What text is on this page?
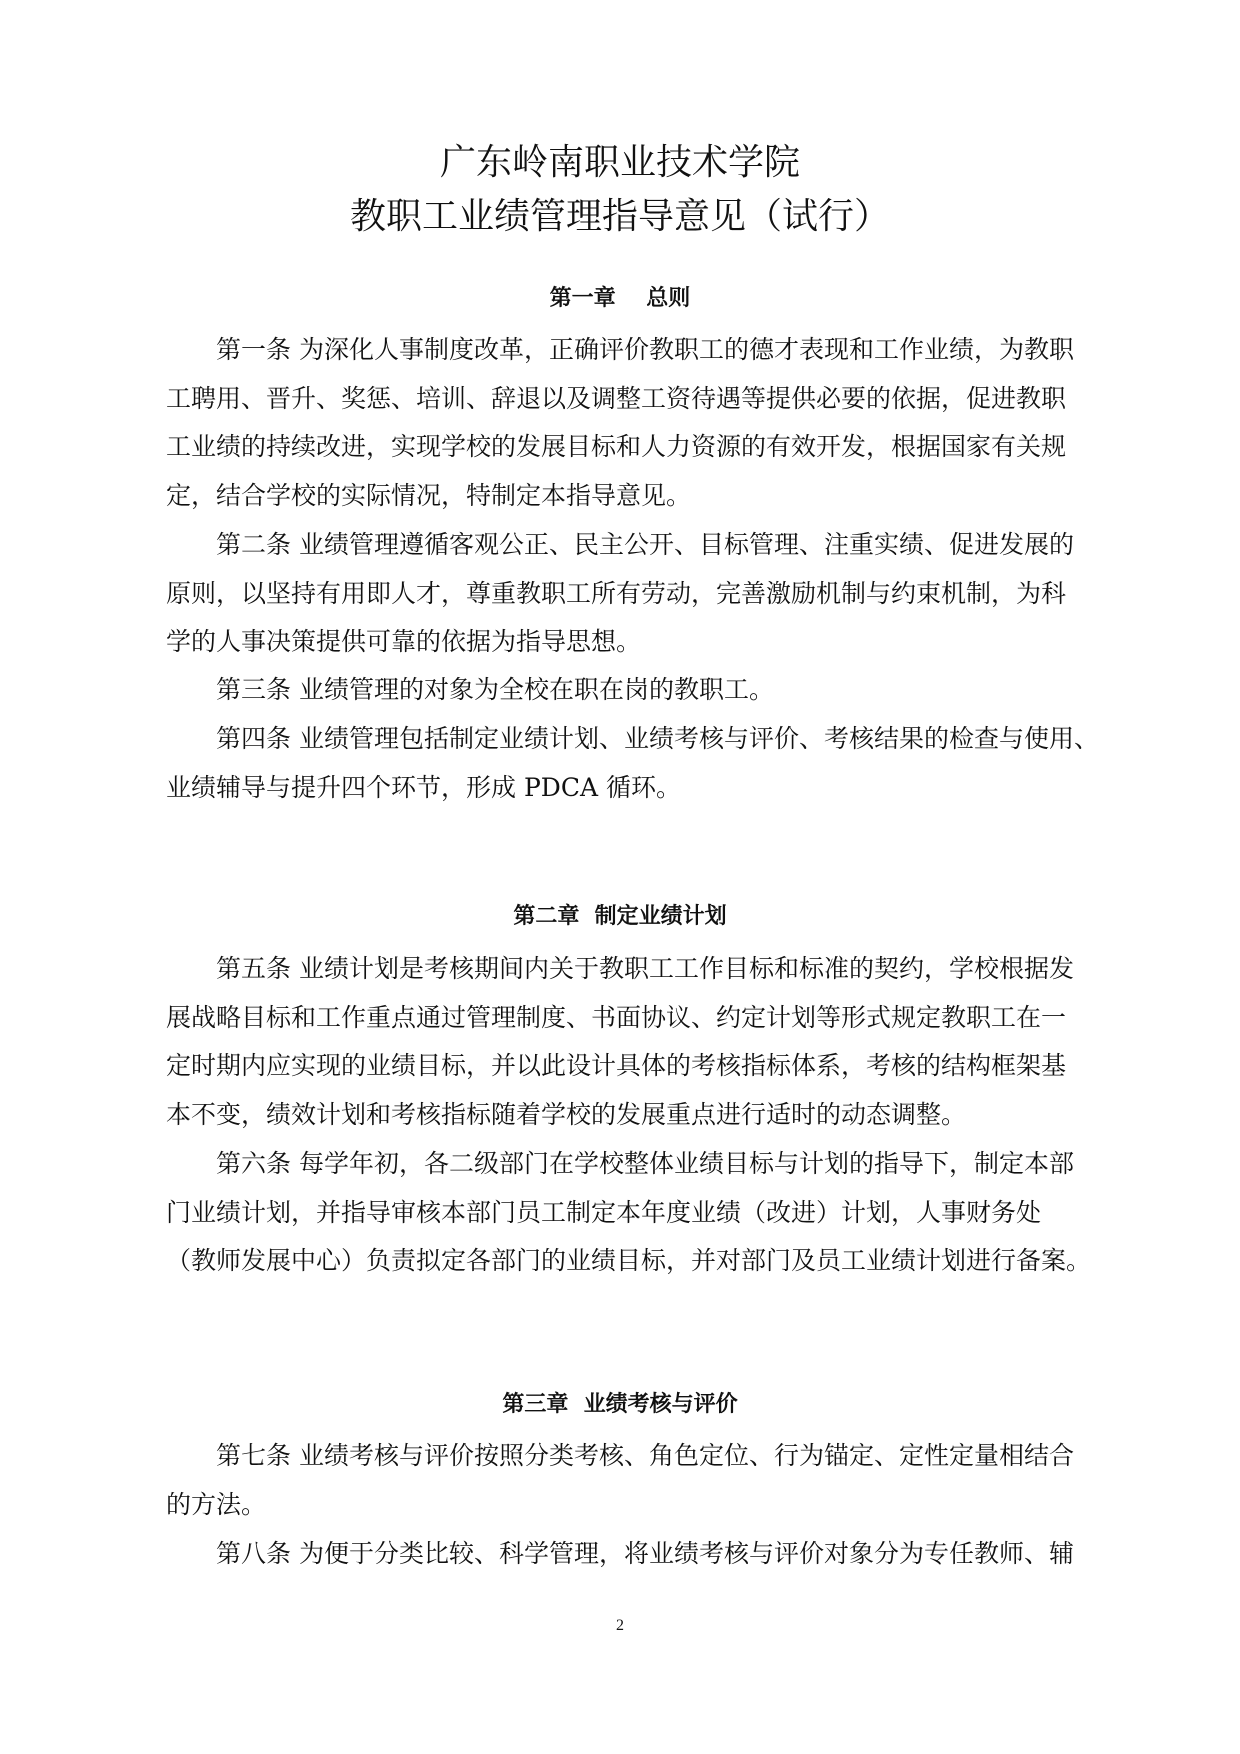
广东岭南职业技术学院
教职工业绩管理指导意见（试行）
第一章    总则

第一条 为深化人事制度改革，正确评价教职工的德才表现和工作业绩，为教职
工聘用、晋升、奖惩、培训、辞退以及调整工资待遇等提供必要的依据，促进教职
工业绩的持续改进，实现学校的发展目标和人力资源的有效开发，根据国家有关规
定，结合学校的实际情况，特制定本指导意见。

第二条 业绩管理遵循客观公正、民主公开、目标管理、注重实绩、促进发展的
原则，以坚持有用即人才，尊重教职工所有劳动，完善激励机制与约束机制，为科
学的人事决策提供可靠的依据为指导思想。

第三条 业绩管理的对象为全校在职在岗的教职工。

第四条 业绩管理包括制定业绩计划、业绩考核与评价、考核结果的检查与使用、
业绩辅导与提升四个环节，形成 PDCA 循环。

第二章  制定业绩计划

第五条 业绩计划是考核期间内关于教职工工作目标和标准的契约，学校根据发
展战略目标和工作重点通过管理制度、书面协议、约定计划等形式规定教职工在一
定时期内应实现的业绩目标，并以此设计具体的考核指标体系，考核的结构框架基
本不变，绩效计划和考核指标随着学校的发展重点进行适时的动态调整。

第六条 每学年初，各二级部门在学校整体业绩目标与计划的指导下，制定本部
门业绩计划，并指导审核本部门员工制定本年度业绩（改进）计划，人事财务处
（教师发展中心）负责拟定各部门的业绩目标，并对部门及员工业绩计划进行备案。

第三章  业绩考核与评价

第七条 业绩考核与评价按照分类考核、角色定位、行为锚定、定性定量相结合
的方法。

第八条 为便于分类比较、科学管理，将业绩考核与评价对象分为专任教师、辅

2
